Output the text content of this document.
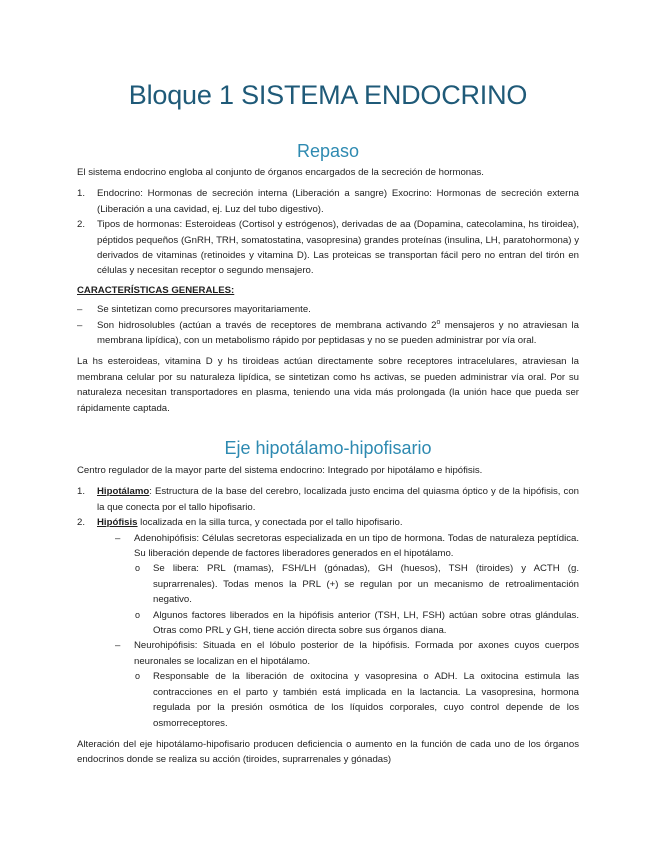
Bloque 1 SISTEMA ENDOCRINO
Repaso

El sistema endocrino engloba al conjunto de órganos encargados de la secreción de hormonas.

1. Endocrino: Hormonas de secreción interna (Liberación a sangre) Exocrino: Hormonas de secreción externa (Liberación a una cavidad, ej. Luz del tubo digestivo).
2. Tipos de hormonas: Esteroideas (Cortisol y estrógenos), derivadas de aa (Dopamina, catecolamina, hs tiroidea), péptidos pequeños (GnRH, TRH, somatostatina, vasopresina) grandes proteínas (insulina, LH, paratohormona) y derivados de vitaminas (retinoides y vitamina D). Las proteicas se transportan fácil pero no entran del tirón en células y necesitan receptor o segundo mensajero.

CARACTERÍSTICAS GENERALES:

– Se sintetizan como precursores mayoritariamente.
– Son hidrosolubles (actúan a través de receptores de membrana activando 2$^o$ mensajeros y no atraviesan la membrana lipídica), con un metabolismo rápido por peptidasas y no se pueden administrar por vía oral.

La hs esteroideas, vitamina D y hs tiroideas actúan directamente sobre receptores intracelulares, atraviesan la membrana celular por su naturaleza lipídica, se sintetizan como hs activas, se pueden administrar vía oral. Por su naturaleza necesitan transportadores en plasma, teniendo una vida más prolongada (la unión hace que pueda ser rápidamente captada.

Eje hipotálamo-hipofisario

Centro regulador de la mayor parte del sistema endocrino: Integrado por hipotálamo e hipófisis.

1. Hipotálamo: Estructura de la base del cerebro, localizada justo encima del quiasma óptico y de la hipófisis, con la que conecta por el tallo hipofisario.
2. Hipófisis localizada en la silla turca, y conectada por el tallo hipofisario.
– Adenohipófisis: Células secretoras especializada en un tipo de hormona. Todas de naturaleza peptídica. Su liberación depende de factores liberadores generados en el hipotálamo.
o Se libera: PRL (mamas), FSH/LH (gónadas), GH (huesos), TSH (tiroides) y ACTH (g. suprarrenales). Todas menos la PRL (+) se regulan por un mecanismo de retroalimentación negativo.
o Algunos factores liberados en la hipófisis anterior (TSH, LH, FSH) actúan sobre otras glándulas. Otras como PRL y GH, tiene acción directa sobre sus órganos diana.
– Neurohipófisis: Situada en el lóbulo posterior de la hipófisis. Formada por axones cuyos cuerpos neuronales se localizan en el hipotálamo.
o Responsable de la liberación de oxitocina y vasopresina o ADH. La oxitocina estimula las contracciones en el parto y también está implicada en la lactancia. La vasopresina, hormona regulada por la presión osmótica de los líquidos corporales, cuyo control depende de los osmorreceptores.

Alteración del eje hipotálamo-hipofisario producen deficiencia o aumento en la función de cada uno de los órganos endocrinos donde se realiza su acción (tiroides, suprarrenales y gónadas)
